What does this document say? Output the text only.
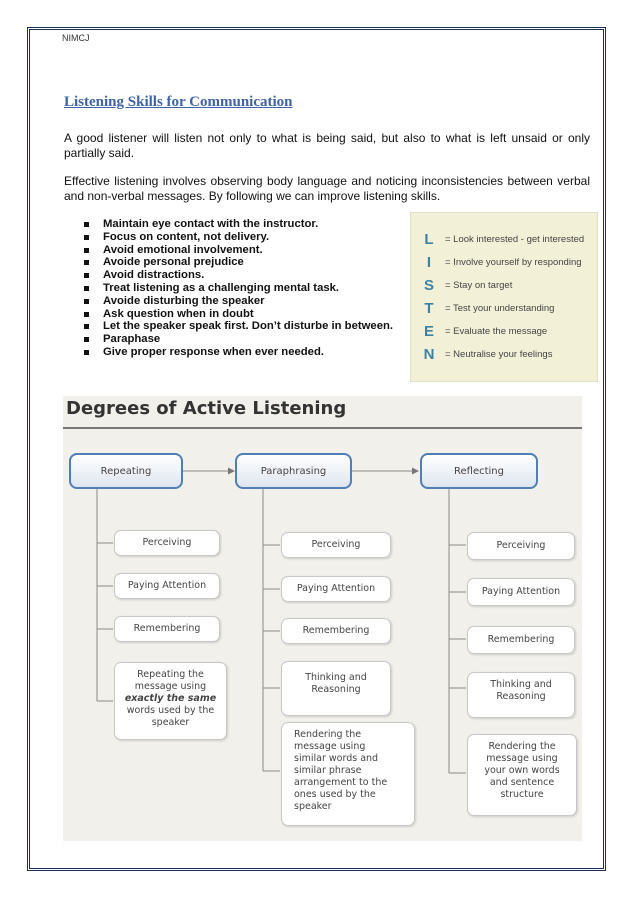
NIMCJ
Listening Skills for Communication
A good listener will listen not only to what is being said, but also to what is left unsaid or only partially said.
Effective listening involves observing body language and noticing inconsistencies between verbal and non-verbal messages. By following we can improve listening skills.
Maintain eye contact with the instructor.
Focus on content, not delivery.
Avoid emotional involvement.
Avoide personal prejudice
Avoid distractions.
Treat listening as a challenging mental task.
Avoide disturbing the speaker
Ask question when in doubt
Let the speaker speak first. Don’t disturbe in between.
Paraphase
Give proper response when ever needed.
L	= Look interested - get interested
I	= Involve yourself by responding
S	= Stay on target
T	= Test your understanding
E	= Evaluate the message
N = Neutralise your feelings
Degrees of Active Listening
Repeating	Paraphrasing	Reflecting
Perceiving
Paying Attention
Remembering
Repeating the
message using
exactly the same
words used by the
speaker
Perceiving
Paying Attention
Remembering
Thinking and
Reasoning
Rendering the
message using
similar words and
similar phrase
arrangement to the
ones used by the
speaker
Perceiving
Paying Attention
Remembering
Thinking and
Reasoning
Rendering the
message using
your own words
and sentence
structure
